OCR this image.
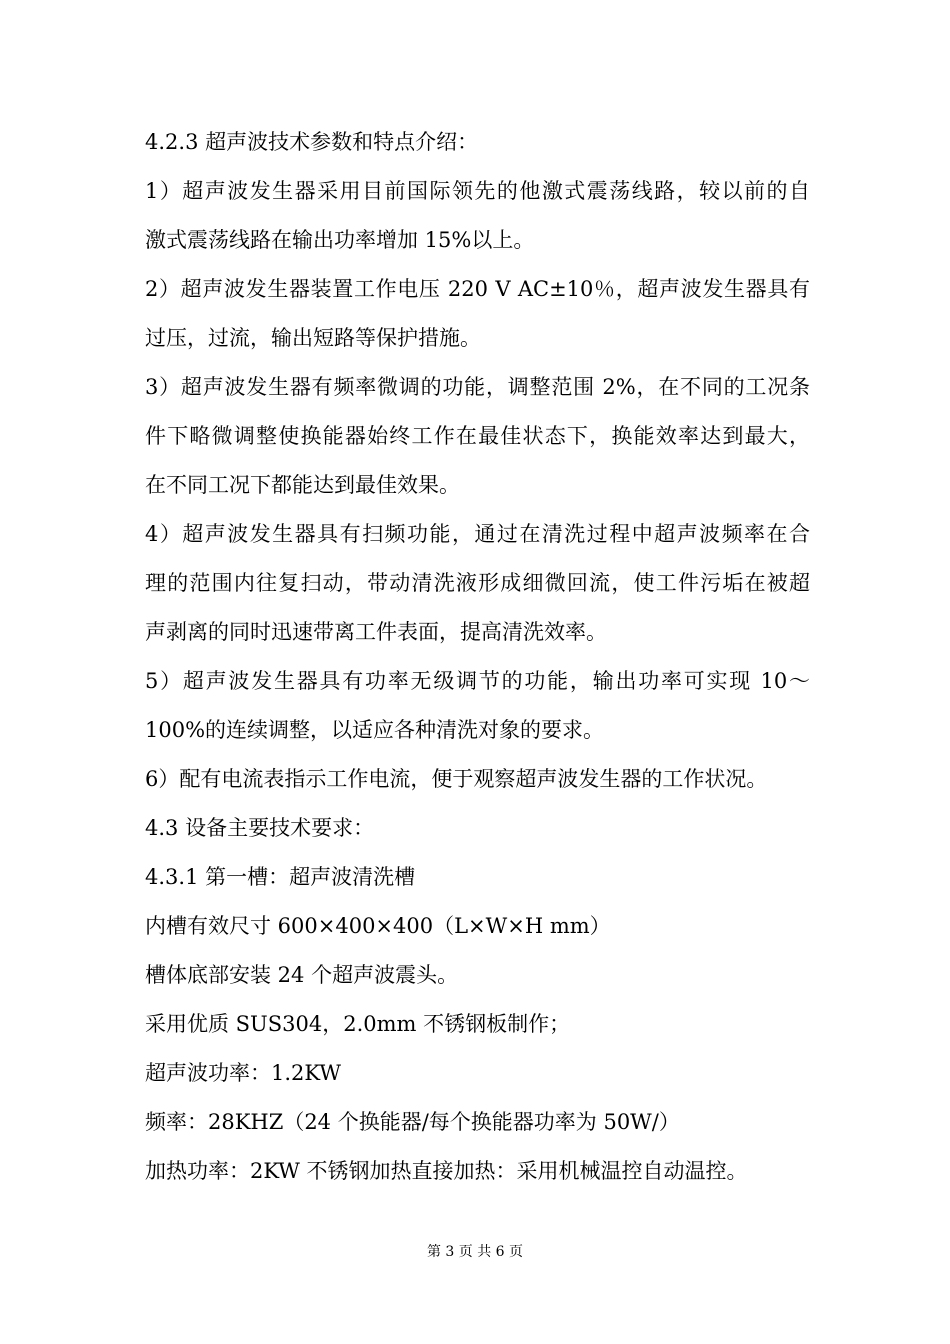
4.2.3 超声波技术参数和特点介绍：
1）超声波发生器采用目前国际领先的他激式震荡线路，较以前的自
激式震荡线路在输出功率增加 15%以上。
2）超声波发生器装置工作电压 220 V AC±10％，超声波发生器具有
过压，过流，输出短路等保护措施。
3）超声波发生器有频率微调的功能，调整范围 2%，在不同的工况条
件下略微调整使换能器始终工作在最佳状态下，换能效率达到最大，
在不同工况下都能达到最佳效果。
4）超声波发生器具有扫频功能，通过在清洗过程中超声波频率在合
理的范围内往复扫动，带动清洗液形成细微回流，使工件污垢在被超
声剥离的同时迅速带离工件表面，提高清洗效率。
5）超声波发生器具有功率无级调节的功能，输出功率可实现 10～
100%的连续调整，以适应各种清洗对象的要求。
6）配有电流表指示工作电流，便于观察超声波发生器的工作状况。
4.3 设备主要技术要求：
4.3.1 第一槽：超声波清洗槽
内槽有效尺寸 600×400×400（L×W×H mm）
槽体底部安装 24 个超声波震头。
采用优质 SUS304，2.0mm 不锈钢板制作；
超声波功率：1.2KW
频率：28KHZ（24 个换能器/每个换能器功率为 50W/）
加热功率：2KW 不锈钢加热直接加热：采用机械温控自动温控。
第 3 页 共 6 页
